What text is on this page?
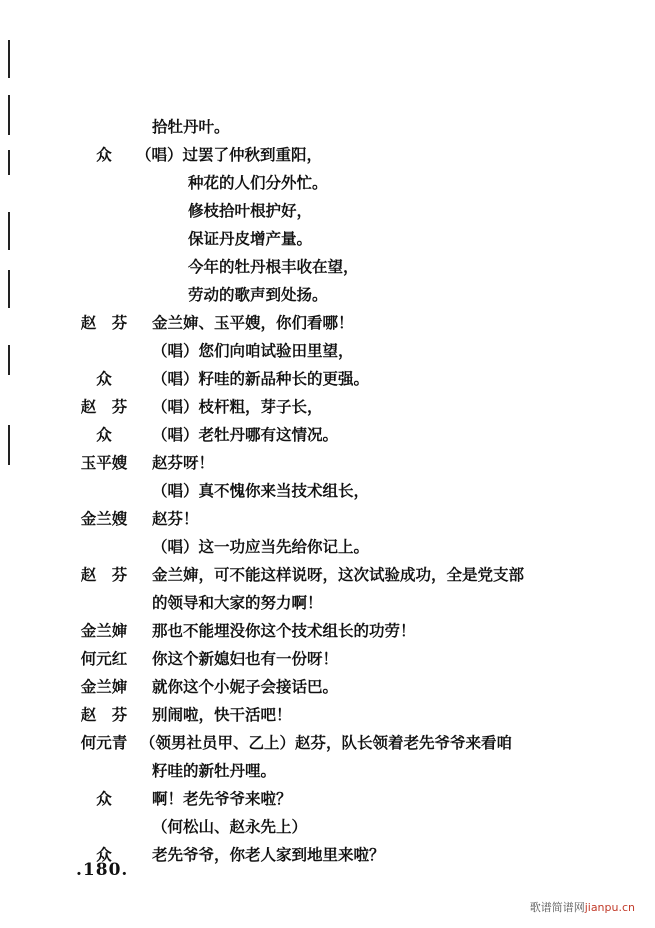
拾牡丹叶。
众 （唱）过罢了仲秋到重阳，
种花的人们分外忙。
修枝拾叶根护好，
保证丹皮增产量。
今年的牡丹根丰收在望，
劳动的歌声到处扬。
赵　芬	金兰婶、玉平嫂，你们看哪！
（唱）您们向咱试验田里望，
众	（唱）籽哇的新品种长的更强。
赵　芬	（唱）枝杆粗，芽子长，
众	（唱）老牡丹哪有这情况。
玉平嫂	赵芬呀！
（唱）真不愧你来当技术组长，
金兰嫂	赵芬！
（唱）这一功应当先给你记上。
赵　芬	金兰婶，可不能这样说呀，这次试验成功，全是党支部
的领导和大家的努力啊！
金兰婶	那也不能埋没你这个技术组长的功劳！
何元红	你这个新媳妇也有一份呀！
金兰婶	就你这个小妮子会接话巴。
赵　芬	别闹啦，快干活吧！
何元青 （领男社员甲、乙上）赵芬，队长领着老先爷爷来看咱
籽哇的新牡丹哩。
众	啊！老先爷爷来啦？
（何松山、赵永先上）
众	老先爷爷，你老人家到地里来啦？
.180.
歌谱简谱网jianpu.cn
